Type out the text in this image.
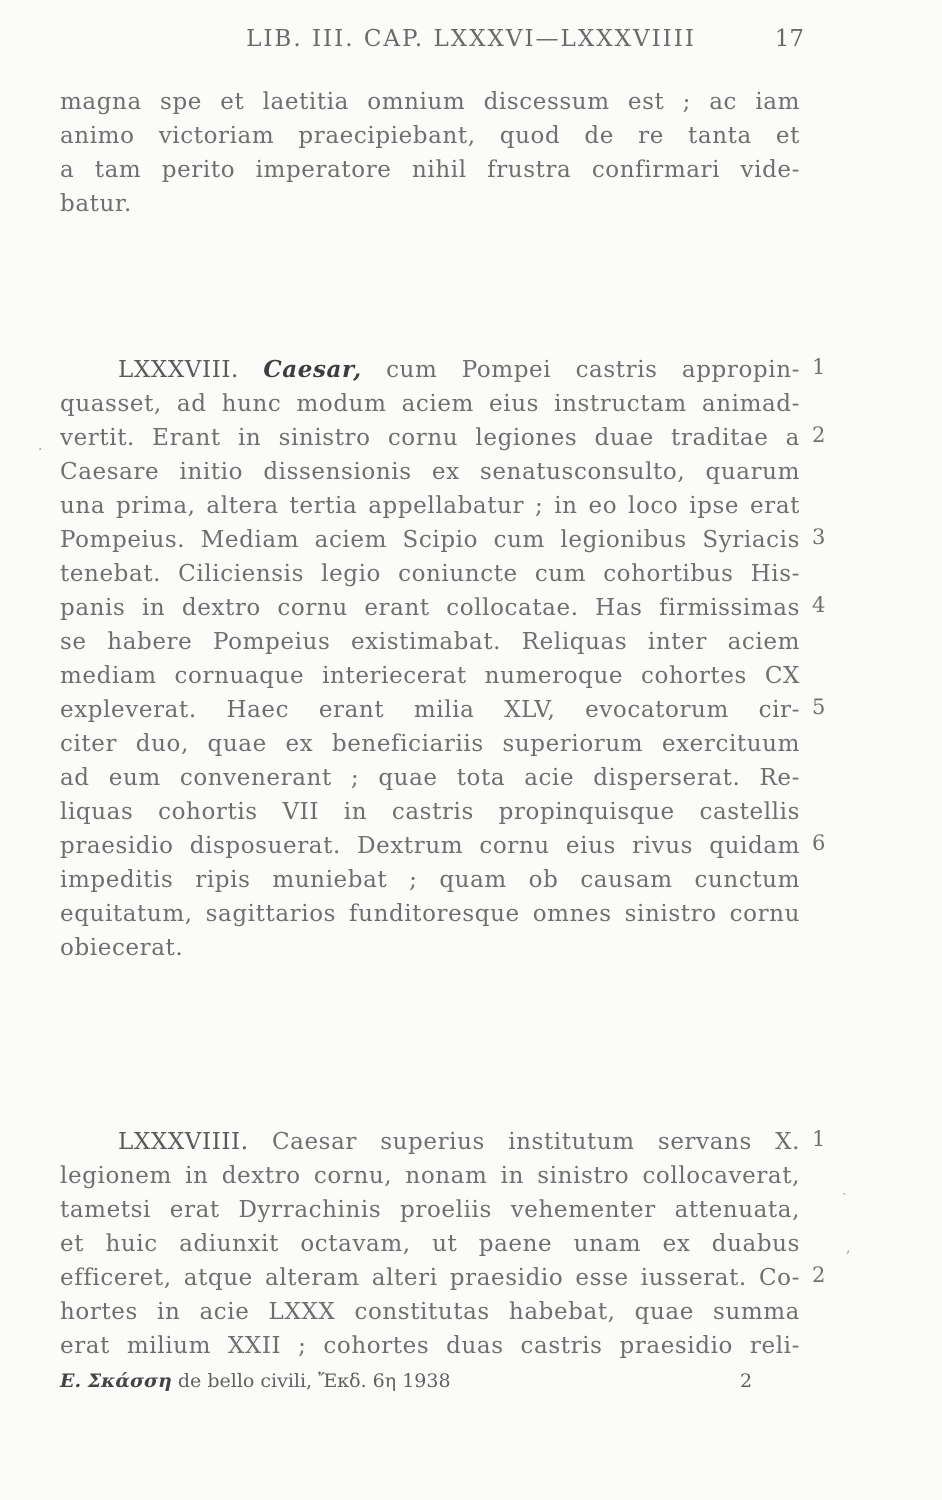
LIB. III. CAP. LXXXVI—LXXXVIIII	17
magna spe et laetitia omnium discessum est ; ac iam
animo victoriam praecipiebant, quod de re tanta et
a tam perito imperatore nihil frustra confirmari vide-
batur.
LXXXVIII. Caesar, cum Pompei castris appropin-
quasset, ad hunc modum aciem eius instructam animad-
vertit. Erant in sinistro cornu legiones duae traditae a
Caesare initio dissensionis ex senatusconsulto, quarum
una prima, altera tertia appellabatur ; in eo loco ipse erat
Pompeius. Mediam aciem Scipio cum legionibus Syriacis
tenebat. Ciliciensis legio coniuncte cum cohortibus His-
panis in dextro cornu erant collocatae. Has firmissimas
se habere Pompeius existimabat. Reliquas inter aciem
mediam cornuaque interiecerat numeroque cohortes CX
expleverat. Haec erant milia XLV, evocatorum cir-
citer duo, quae ex beneficiariis superiorum exercituum
ad eum convenerant ; quae tota acie disperserat. Re-
liquas cohortis VII in castris propinquisque castellis
praesidio disposuerat. Dextrum cornu eius rivus quidam
impeditis ripis muniebat ; quam ob causam cunctum
equitatum, sagittarios funditoresque omnes sinistro cornu
obiecerat.
1
2
3
4
5
6
LXXXVIIII. Caesar superius institutum servans X.
legionem in dextro cornu, nonam in sinistro collocaverat,
tametsi erat Dyrrachinis proeliis vehementer attenuata,
et huic adiunxit octavam, ut paene unam ex duabus
efficeret, atque alteram alteri praesidio esse iusserat. Co-
hortes in acie LXXX constitutas habebat, quae summa
erat milium XXII ; cohortes duas castris praesidio reli-
1
2
.
ˎ
,
E. Σκάσση de bello civili, Ἔκδ. 6η 1938	2
